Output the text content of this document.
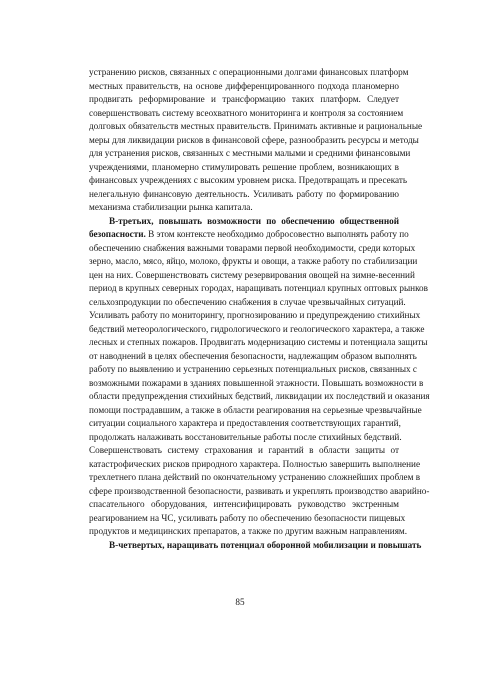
устранению рисков, связанных с операционными долгами финансовых платформ
местных правительств, на основе дифференцированного подхода планомерно
продвигать реформирование и трансформацию таких платформ. Следует
совершенствовать систему всеохватного мониторинга и контроля за состоянием
долговых обязательств местных правительств. Принимать активные и рациональные
меры для ликвидации рисков в финансовой сфере, разнообразить ресурсы и методы
для устранения рисков, связанных с местными малыми и средними финансовыми
учреждениями, планомерно стимулировать решение проблем, возникающих в
финансовых учреждениях с высоким уровнем риска. Предотвращать и пресекать
нелегальную финансовую деятельность. Усиливать работу по формированию
механизма стабилизации рынка капитала.
В-третьих, повышать возможности по обеспечению общественной
безопасности. В этом контексте необходимо добросовестно выполнять работу по
обеспечению снабжения важными товарами первой необходимости, среди которых
зерно, масло, мясо, яйцо, молоко, фрукты и овощи, а также работу по стабилизации
цен на них. Совершенствовать систему резервирования овощей на зимне-весенний
период в крупных северных городах, наращивать потенциал крупных оптовых рынков
сельхозпродукции по обеспечению снабжения в случае чрезвычайных ситуаций.
Усиливать работу по мониторингу, прогнозированию и предупреждению стихийных
бедствий метеорологического, гидрологического и геологического характера, а также
лесных и степных пожаров. Продвигать модернизацию системы и потенциала защиты
от наводнений в целях обеспечения безопасности, надлежащим образом выполнять
работу по выявлению и устранению серьезных потенциальных рисков, связанных с
возможными пожарами в зданиях повышенной этажности. Повышать возможности в
области предупреждения стихийных бедствий, ликвидации их последствий и оказания
помощи пострадавшим, а также в области реагирования на серьезные чрезвычайные
ситуации социального характера и предоставления соответствующих гарантий,
продолжать налаживать восстановительные работы после стихийных бедствий.
Совершенствовать систему страхования и гарантий в области защиты от
катастрофических рисков природного характера. Полностью завершить выполнение
трехлетнего плана действий по окончательному устранению сложнейших проблем в
сфере производственной безопасности, развивать и укреплять производство аварийно-
спасательного оборудования, интенсифицировать руководство экстренным
реагированием на ЧС, усиливать работу по обеспечению безопасности пищевых
продуктов и медицинских препаратов, а также по другим важным направлениям.
В-четвертых, наращивать потенциал оборонной мобилизации и повышать
85
